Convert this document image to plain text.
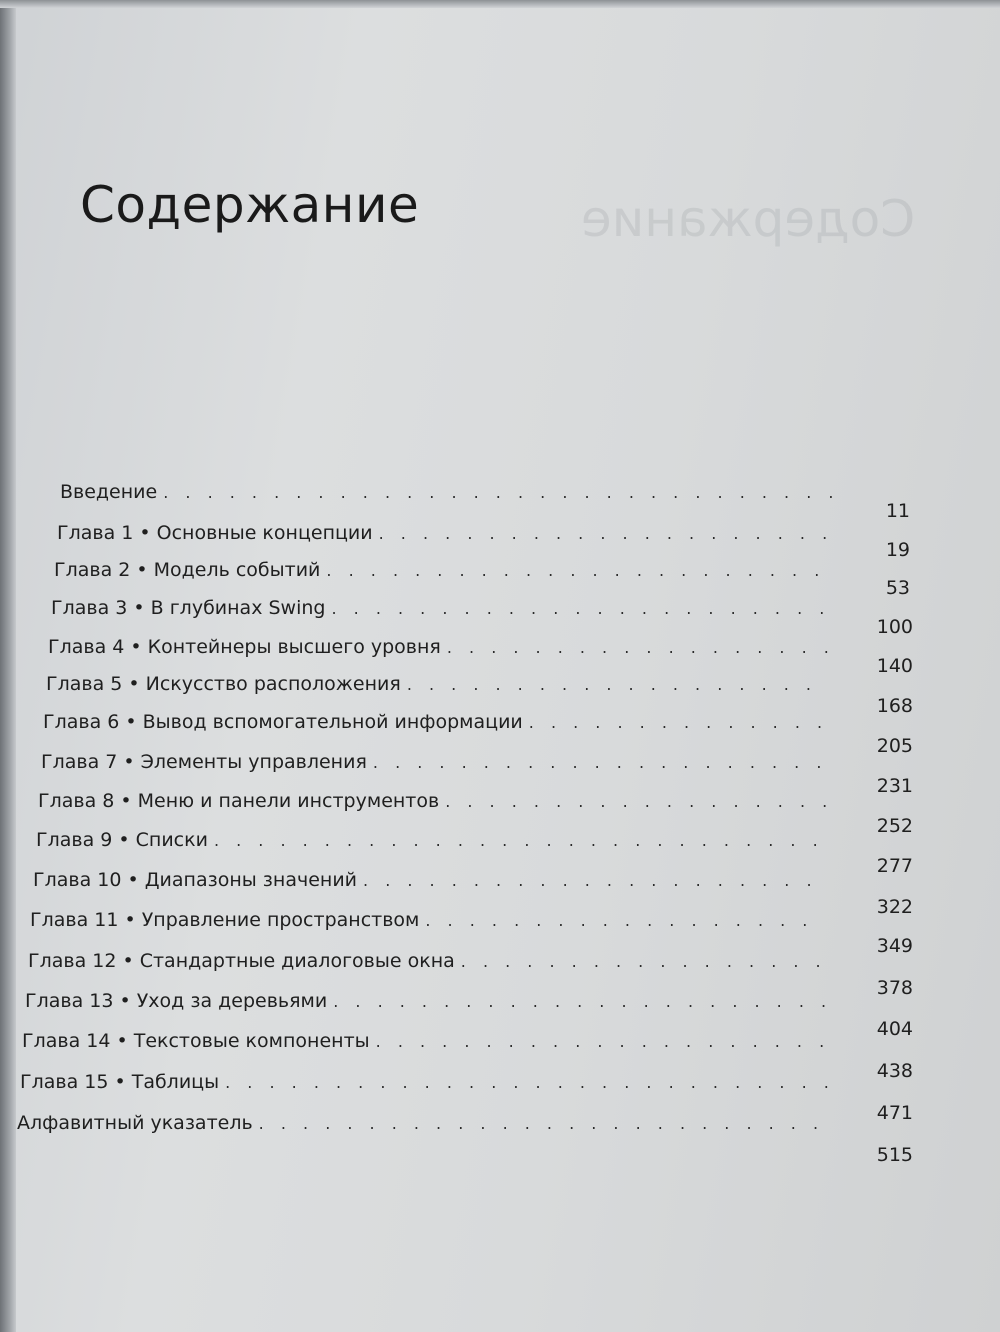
Содержание
Содержание
Введение
. . .
11
Глава 1 • Основные концепции
. . .
19
Глава 2 • Модель событий
. . .
53
Глава 3 • В глубинах Swing
. . .
100
Глава 4 • Контейнеры высшего уровня
. . .
140
Глава 5 • Искусство расположения
. . .
168
Глава 6 • Вывод вспомогательной информации
. . .
205
Глава 7 • Элементы управления
. . .
231
Глава 8 • Меню и панели инструментов
. . .
252
Глава 9 • Списки
. . .
277
Глава 10 • Диапазоны значений
. . .
322
Глава 11 • Управление пространством
. . .
349
Глава 12 • Стандартные диалоговые окна
. . .
378
Глава 13 • Уход за деревьями
. . .
404
Глава 14 • Текстовые компоненты
. . .
438
Глава 15 • Таблицы
. . .
471
Алфавитный указатель
. . .
515
